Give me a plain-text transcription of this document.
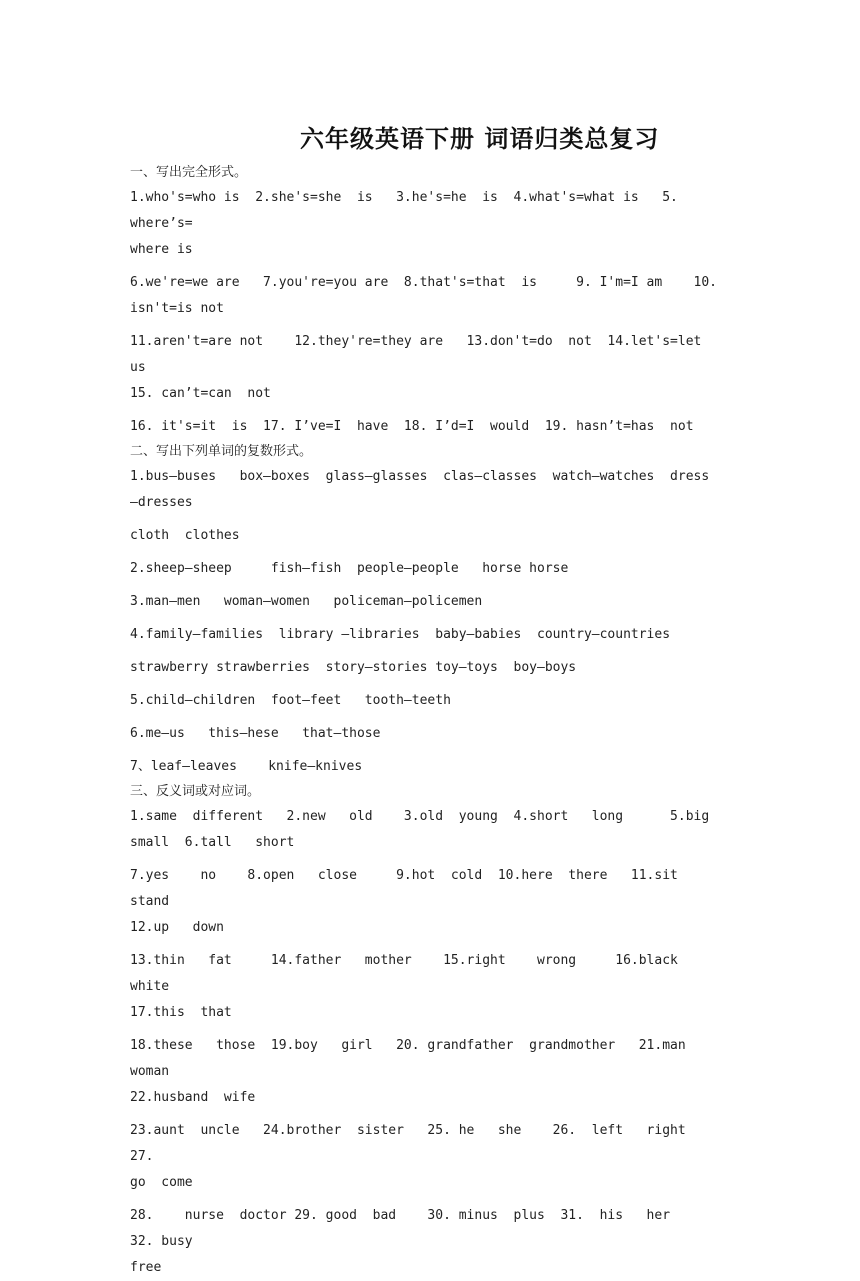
六年级英语下册 词语归类总复习
一、写出完全形式。
1.who's=who is  2.she's=she  is   3.he's=he  is  4.what's=what is   5. where’s=
where is
6.we're=we are   7.you're=you are  8.that's=that  is     9. I'm=I am    10.
isn't=is not
11.aren't=are not    12.they're=they are   13.don't=do  not  14.let's=let  us
15. can’t=can  not
16. it's=it  is  17. I’ve=I  have  18. I’d=I  would  19. hasn’t=has  not
二、写出下列单词的复数形式。
1.bus—buses   box—boxes  glass—glasses  clas—classes  watch—watches  dress
—dresses
cloth  clothes
2.sheep—sheep     fish—fish  people—people   horse horse
3.man—men   woman—women   policeman—policemen
4.family—families  library —libraries  baby—babies  country—countries
strawberry strawberries  story—stories toy—toys  boy—boys
5.child—children  foot—feet   tooth—teeth
6.me—us   this—hese   that—those
7、leaf—leaves    knife—knives
三、反义词或对应词。
1.same  different   2.new   old    3.old  young  4.short   long      5.big
small  6.tall   short
7.yes    no    8.open   close     9.hot  cold  10.here  there   11.sit  stand
12.up   down
13.thin   fat     14.father   mother    15.right    wrong     16.black  white
17.this  that
18.these   those  19.boy   girl   20. grandfather  grandmother   21.man   woman
22.husband  wife
23.aunt  uncle   24.brother  sister   25. he   she    26.  left   right    27.
go  come
28.    nurse  doctor 29. good  bad    30. minus  plus  31.  his   her     32. busy
free
